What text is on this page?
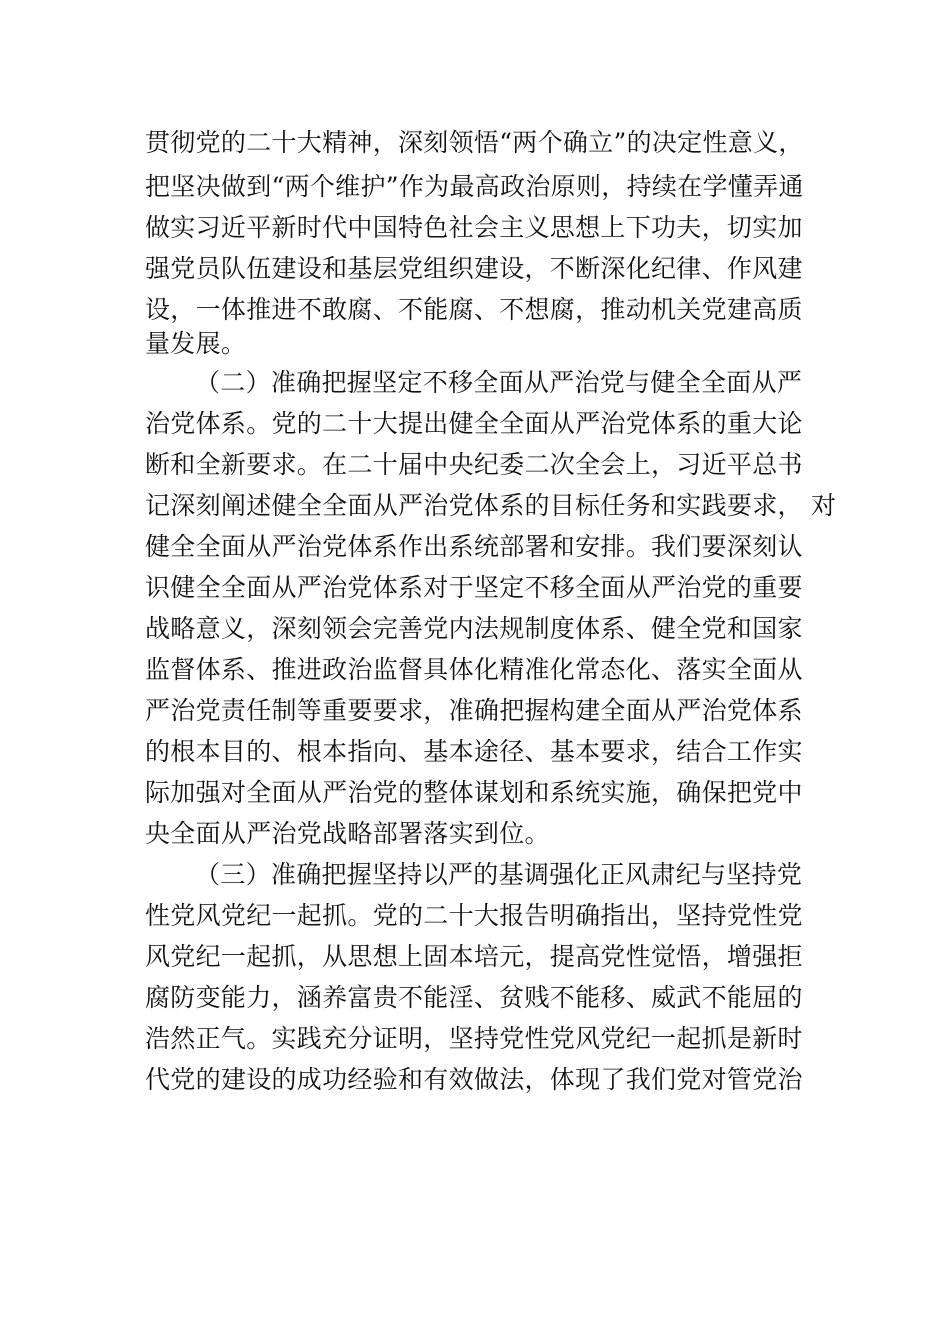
贯彻党的二十大精神，深刻领悟“两个确立”的决定性意义，
把坚决做到“两个维护”作为最高政治原则，持续在学懂弄通
做实习近平新时代中国特色社会主义思想上下功夫，切实加
强党员队伍建设和基层党组织建设，不断深化纪律、作风建
设，一体推进不敢腐、不能腐、不想腐，推动机关党建高质
量发展。
（二）准确把握坚定不移全面从严治党与健全全面从严
治党体系。党的二十大提出健全全面从严治党体系的重大论
断和全新要求。在二十届中央纪委二次全会上，习近平总书
记深刻阐述健全全面从严治党体系的目标任务和实践要求， 对
健全全面从严治党体系作出系统部署和安排。我们要深刻认
识健全全面从严治党体系对于坚定不移全面从严治党的重要
战略意义，深刻领会完善党内法规制度体系、健全党和国家
监督体系、推进政治监督具体化精准化常态化、落实全面从
严治党责任制等重要要求，准确把握构建全面从严治党体系
的根本目的、根本指向、基本途径、基本要求，结合工作实
际加强对全面从严治党的整体谋划和系统实施，确保把党中
央全面从严治党战略部署落实到位。
（三）准确把握坚持以严的基调强化正风肃纪与坚持党
性党风党纪一起抓。党的二十大报告明确指出，坚持党性党
风党纪一起抓，从思想上固本培元，提高党性觉悟，增强拒
腐防变能力，涵养富贵不能淫、贫贱不能移、威武不能屈的
浩然正气。实践充分证明，坚持党性党风党纪一起抓是新时
代党的建设的成功经验和有效做法，体现了我们党对管党治
